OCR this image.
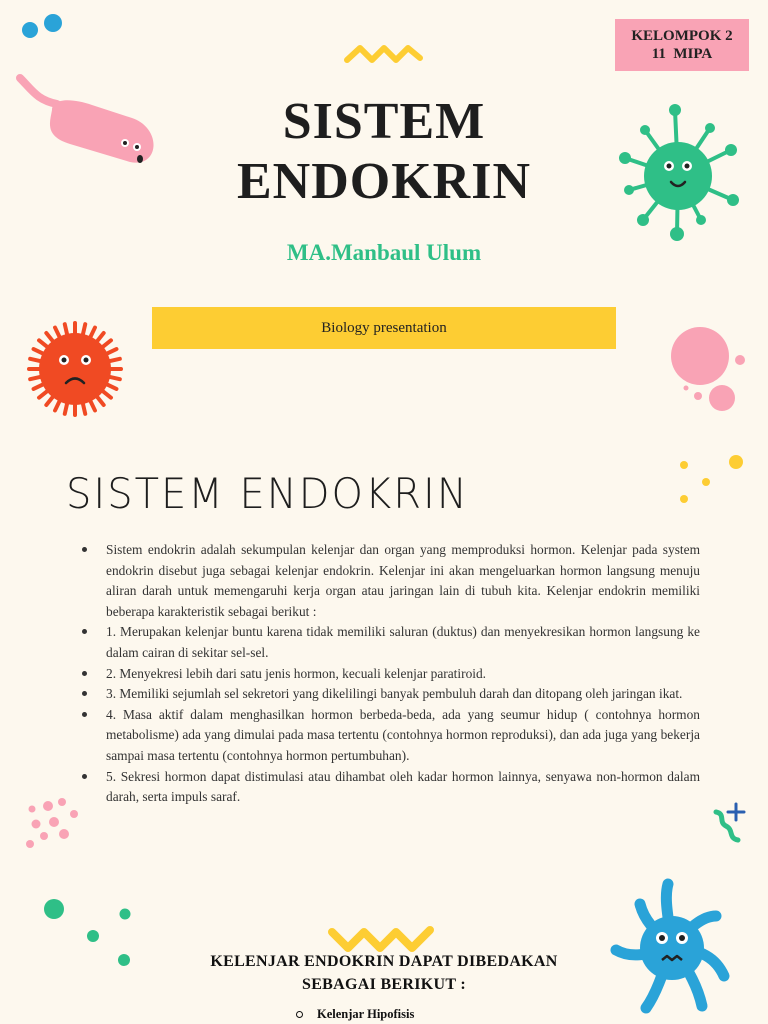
KELOMPOK 2
11  MIPA
SISTEM
ENDOKRIN
MA.Manbaul Ulum
Biology presentation
SISTEM ENDOKRIN
Sistem endokrin adalah sekumpulan kelenjar dan organ yang memproduksi hormon. Kelenjar pada system endokrin disebut juga sebagai kelenjar endokrin. Kelenjar ini akan mengeluarkan hormon langsung menuju aliran darah untuk memengaruhi kerja organ atau jaringan lain di tubuh kita. Kelenjar endokrin memiliki beberapa karakteristik sebagai berikut :
1. Merupakan kelenjar buntu karena tidak memiliki saluran (duktus) dan menyekresikan hormon langsung ke dalam cairan di sekitar sel-sel.
2. Menyekresi lebih dari satu jenis hormon, kecuali kelenjar paratiroid.
3. Memiliki sejumlah sel sekretori yang dikelilingi banyak pembuluh darah dan ditopang oleh jaringan ikat.
4. Masa aktif dalam menghasilkan hormon berbeda-beda, ada yang seumur hidup ( contohnya hormon metabolisme) ada yang dimulai pada masa tertentu (contohnya hormon reproduksi), dan ada juga yang bekerja sampai masa tertentu (contohnya hormon pertumbuhan).
5. Sekresi hormon dapat distimulasi atau dihambat oleh kadar hormon lainnya, senyawa non-hormon dalam darah, serta impuls saraf.
KELENJAR ENDOKRIN DAPAT DIBEDAKAN
SEBAGAI BERIKUT :
Kelenjar Hipofisis
